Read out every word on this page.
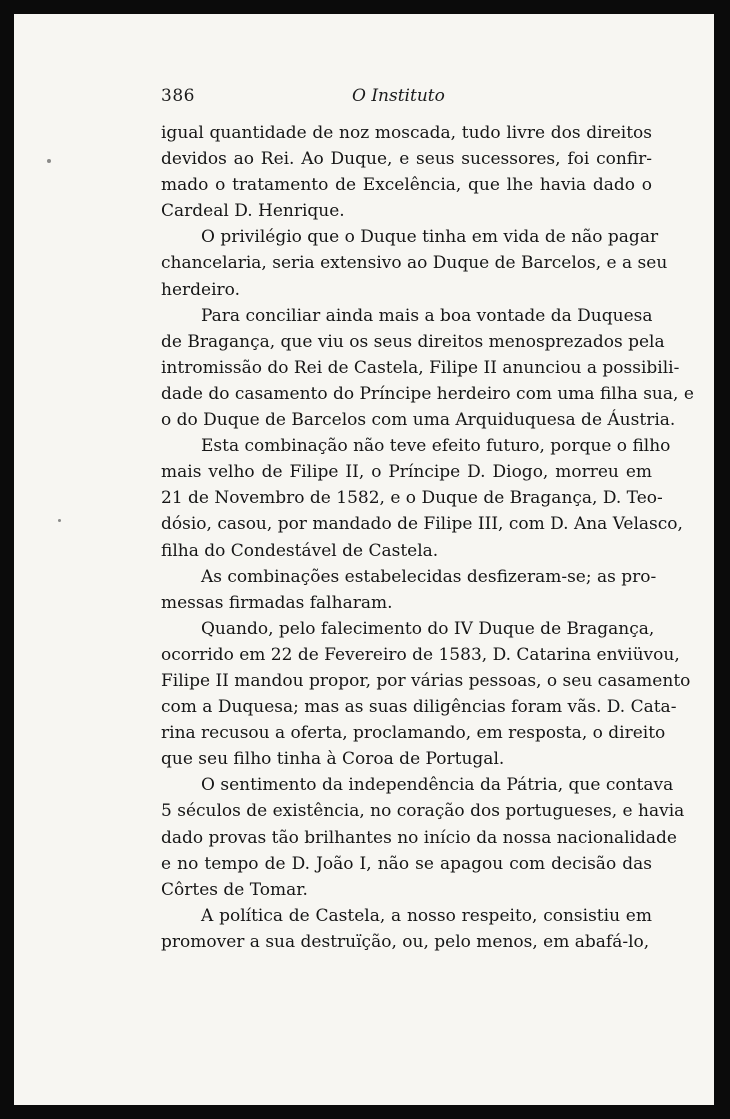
386	O Instituto
igual quantidade de noz moscada, tudo livre dos direitos
devidos ao Rei. Ao Duque, e seus sucessores, foi confir-
mado o tratamento de Excelência, que lhe havia dado o
Cardeal D. Henrique.
O privilégio que o Duque tinha em vida de não pagar
chancelaria, seria extensivo ao Duque de Barcelos, e a seu
herdeiro.
Para conciliar ainda mais a boa vontade da Duquesa
de Bragança, que viu os seus direitos menosprezados pela
intromissão do Rei de Castela, Filipe II anunciou a possibili-
dade do casamento do Príncipe herdeiro com uma filha sua, e
o do Duque de Barcelos com uma Arquiduquesa de Áustria.
Esta combinação não teve efeito futuro, porque o filho
mais velho de Filipe II, o Príncipe D. Diogo, morreu em
21 de Novembro de 1582, e o Duque de Bragança, D. Teo-
dósio, casou, por mandado de Filipe III, com D. Ana Velasco,
filha do Condestável de Castela.
As combinações estabelecidas desfizeram-se; as pro-
messas firmadas falharam.
Quando, pelo falecimento do IV Duque de Bragança,
ocorrido em 22 de Fevereiro de 1583, D. Catarina enviüvou,
Filipe II mandou propor, por várias pessoas, o seu casamento
com a Duquesa; mas as suas diligências foram vãs. D. Cata-
rina recusou a oferta, proclamando, em resposta, o direito
que seu filho tinha à Coroa de Portugal.
O sentimento da independência da Pátria, que contava
5 séculos de existência, no coração dos portugueses, e havia
dado provas tão brilhantes no início da nossa nacionalidade
e no tempo de D. João I, não se apagou com decisão das
Côrtes de Tomar.
A política de Castela, a nosso respeito, consistiu em
promover a sua destruïção, ou, pelo menos, em abafá-lo,
